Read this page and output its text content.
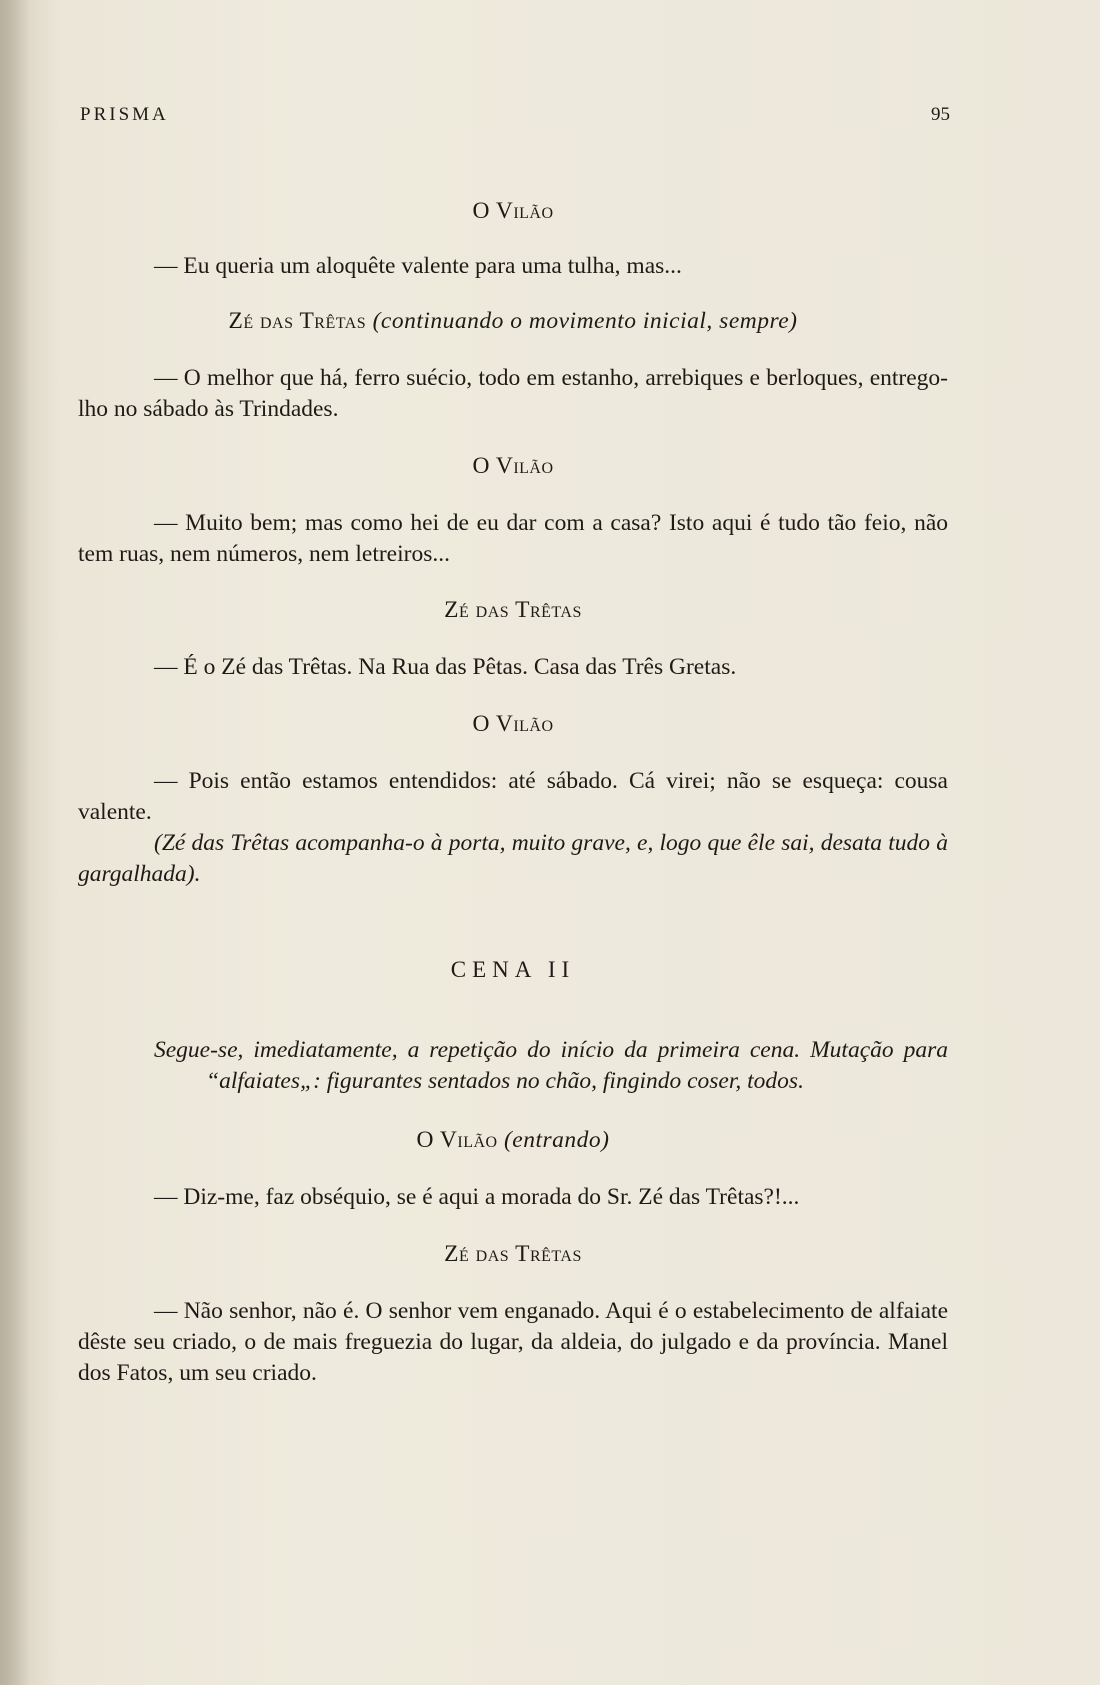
PRISMA	95

O Vilão

— Eu queria um aloquête valente para uma tulha, mas...

Zé das Trêtas (continuando o movimento inicial, sempre)

— O melhor que há, ferro suécio, todo em estanho, arrebiques e berloques, entrego-lho no sábado às Trindades.

O Vilão

— Muito bem; mas como hei de eu dar com a casa? Isto aqui é tudo tão feio, não tem ruas, nem números, nem letreiros...

Zé das Trêtas

— É o Zé das Trêtas. Na Rua das Pêtas. Casa das Três Gretas.

O Vilão

— Pois então estamos entendidos: até sábado. Cá virei; não se esqueça: cousa valente.

(Zé das Trêtas acompanha-o à porta, muito grave, e, logo que êle sai, desata tudo à gargalhada).

CENA II

Segue-se, imediatamente, a repetição do início da primeira cena. Mutação para “alfaiates„: figurantes sentados no chão, fingindo coser, todos.

O Vilão (entrando)

— Diz-me, faz obséquio, se é aqui a morada do Sr. Zé das Trêtas?!...

Zé das Trêtas

— Não senhor, não é. O senhor vem enganado. Aqui é o estabelecimento de alfaiate dêste seu criado, o de mais freguezia do lugar, da aldeia, do julgado e da província. Manel dos Fatos, um seu criado.
